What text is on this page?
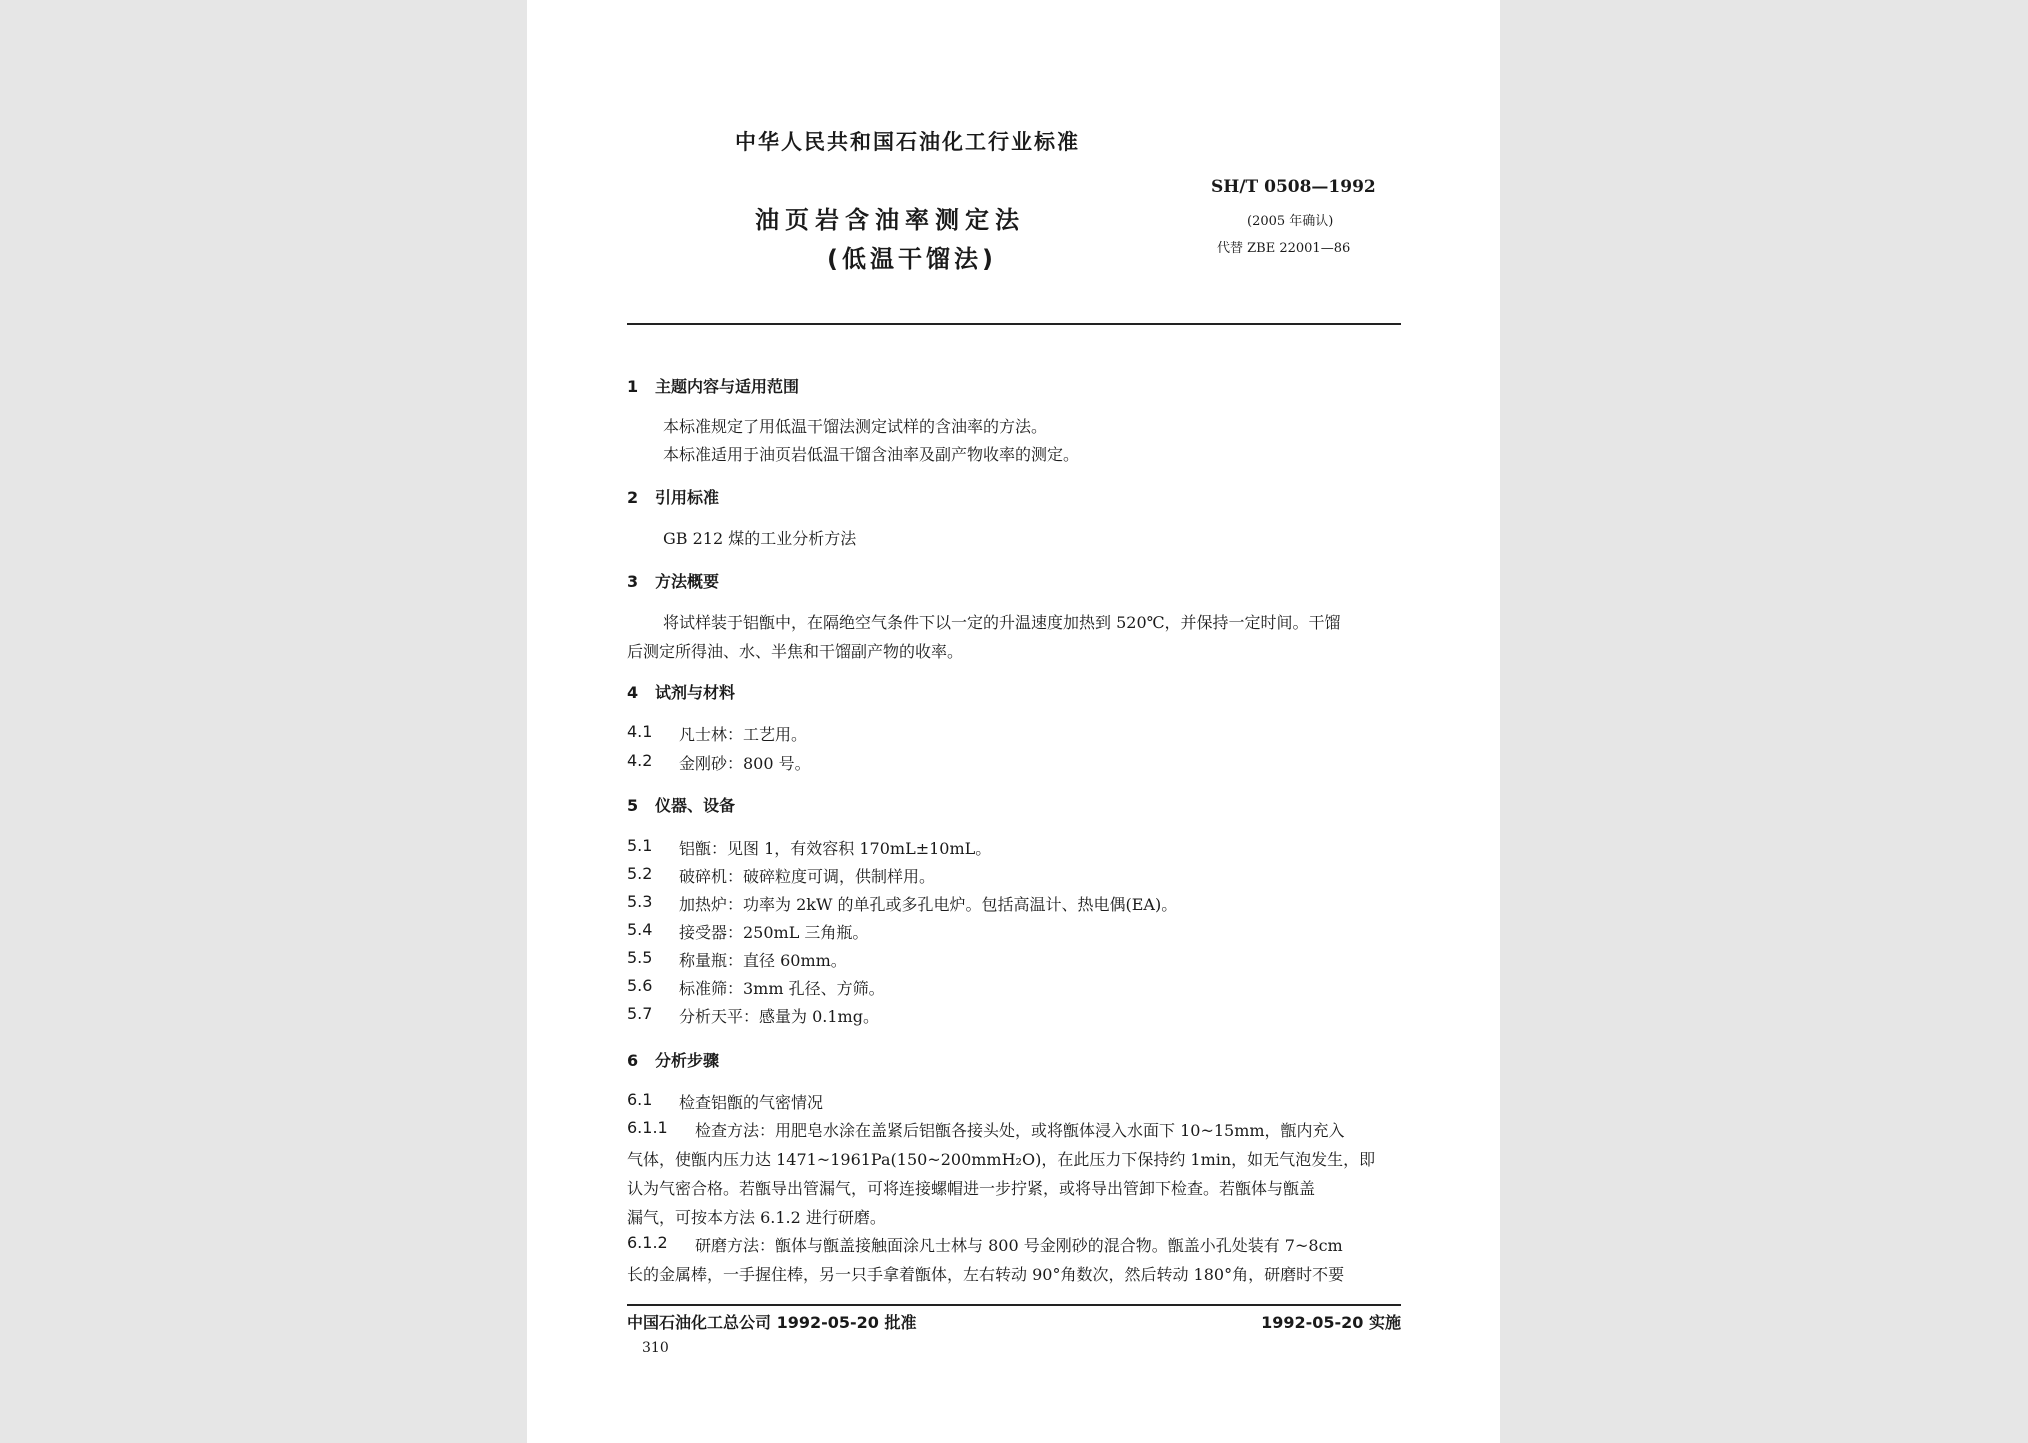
中华人民共和国石油化工行业标准
SH/T 0508—1992
(2005 年确认)
代替 ZBE 22001—86
油页岩含油率测定法
(低温干馏法)
1 主题内容与适用范围
本标准规定了用低温干馏法测定试样的含油率的方法。
本标准适用于油页岩低温干馏含油率及副产物收率的测定。
2 引用标准
GB 212 煤的工业分析方法
3 方法概要
将试样装于铝甑中，在隔绝空气条件下以一定的升温速度加热到 520℃，并保持一定时间。干馏
后测定所得油、水、半焦和干馏副产物的收率。
4 试剂与材料
4.1 凡士林：工艺用。
4.2 金刚砂：800 号。
5 仪器、设备
5.1 铝甑：见图 1，有效容积 170mL±10mL。
5.2 破碎机：破碎粒度可调，供制样用。
5.3 加热炉：功率为 2kW 的单孔或多孔电炉。包括高温计、热电偶(EA)。
5.4 接受器：250mL 三角瓶。
5.5 称量瓶：直径 60mm。
5.6 标准筛：3mm 孔径、方筛。
5.7 分析天平：感量为 0.1mg。
6 分析步骤
6.1 检查铝甑的气密情况
6.1.1 检查方法：用肥皂水涂在盖紧后铝甑各接头处，或将甑体浸入水面下 10~15mm，甑内充入
气体，使甑内压力达 1471~1961Pa(150~200mmH₂O)，在此压力下保持约 1min，如无气泡发生，即
认为气密合格。若甑导出管漏气，可将连接螺帽进一步拧紧，或将导出管卸下检查。若甑体与甑盖
漏气，可按本方法 6.1.2 进行研磨。
6.1.2 研磨方法：甑体与甑盖接触面涂凡士林与 800 号金刚砂的混合物。甑盖小孔处装有 7~8cm
长的金属棒，一手握住棒，另一只手拿着甑体，左右转动 90°角数次，然后转动 180°角，研磨时不要
中国石油化工总公司 1992-05-20 批准	1992-05-20 实施
310
